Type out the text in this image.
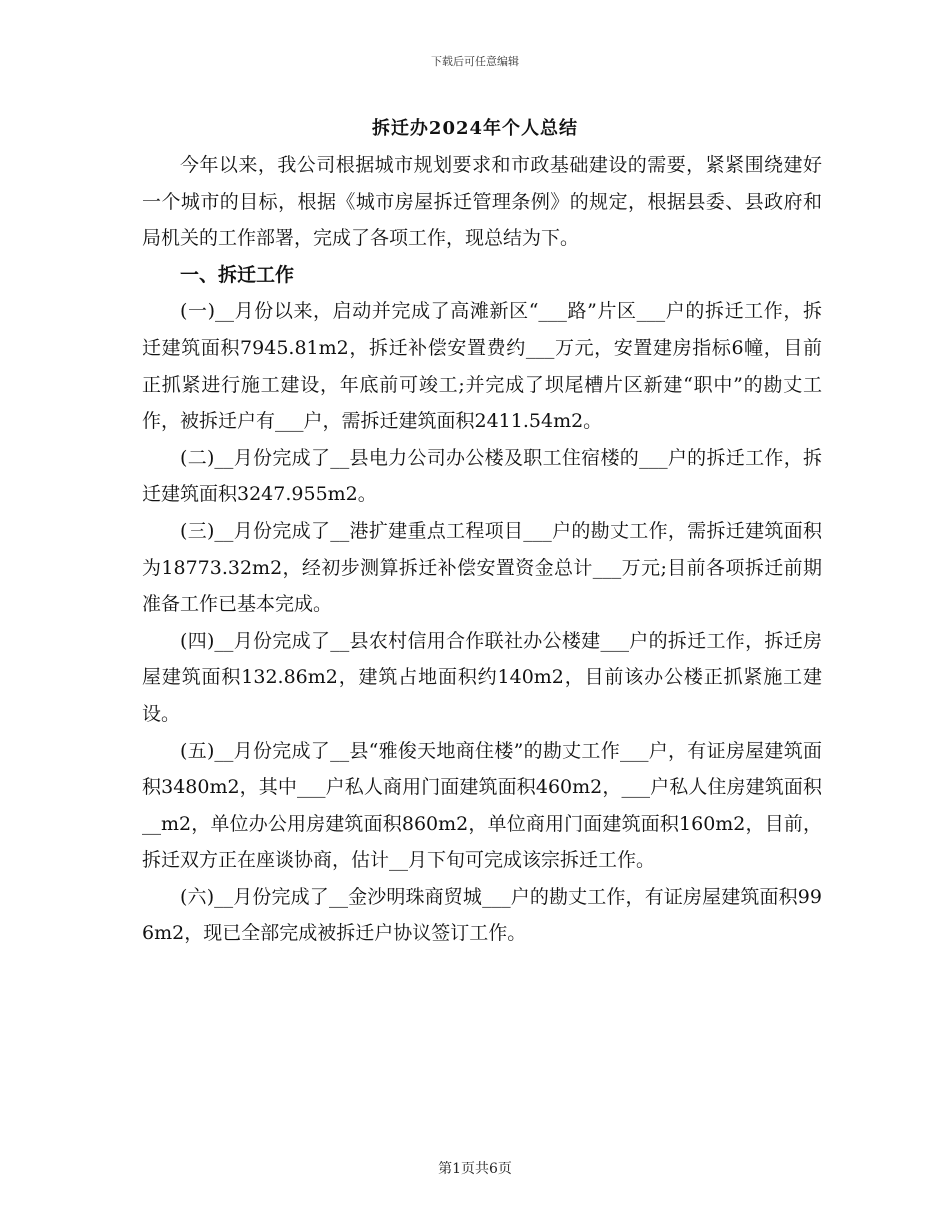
下载后可任意编辑
拆迁办2024年个人总结

今年以来，我公司根据城市规划要求和市政基础建设的需要，紧紧围绕建好一个城市的目标，根据《城市房屋拆迁管理条例》的规定，根据县委、县政府和局机关的工作部署，完成了各项工作，现总结为下。

一、拆迁工作

(一)__月份以来，启动并完成了高滩新区“___路”片区___户的拆迁工作，拆迁建筑面积7945.81m2，拆迁补偿安置费约___万元，安置建房指标6幢，目前正抓紧进行施工建设，年底前可竣工;并完成了坝尾槽片区新建“职中”的勘丈工作，被拆迁户有___户，需拆迁建筑面积2411.54m2。

(二)__月份完成了__县电力公司办公楼及职工住宿楼的___户的拆迁工作，拆迁建筑面积3247.955m2。

(三)__月份完成了__港扩建重点工程项目___户的勘丈工作，需拆迁建筑面积为18773.32m2，经初步测算拆迁补偿安置资金总计___万元;目前各项拆迁前期准备工作已基本完成。

(四)__月份完成了__县农村信用合作联社办公楼建___户的拆迁工作，拆迁房屋建筑面积132.86m2，建筑占地面积约140m2，目前该办公楼正抓紧施工建设。

(五)__月份完成了__县“雅俊天地商住楼”的勘丈工作___户，有证房屋建筑面积3480m2，其中___户私人商用门面建筑面积460m2，___户私人住房建筑面积__m2，单位办公用房建筑面积860m2，单位商用门面建筑面积160m2，目前，拆迁双方正在座谈协商，估计__月下旬可完成该宗拆迁工作。

(六)__月份完成了__金沙明珠商贸城___户的勘丈工作，有证房屋建筑面积996m2，现已全部完成被拆迁户协议签订工作。

第1页共6页
